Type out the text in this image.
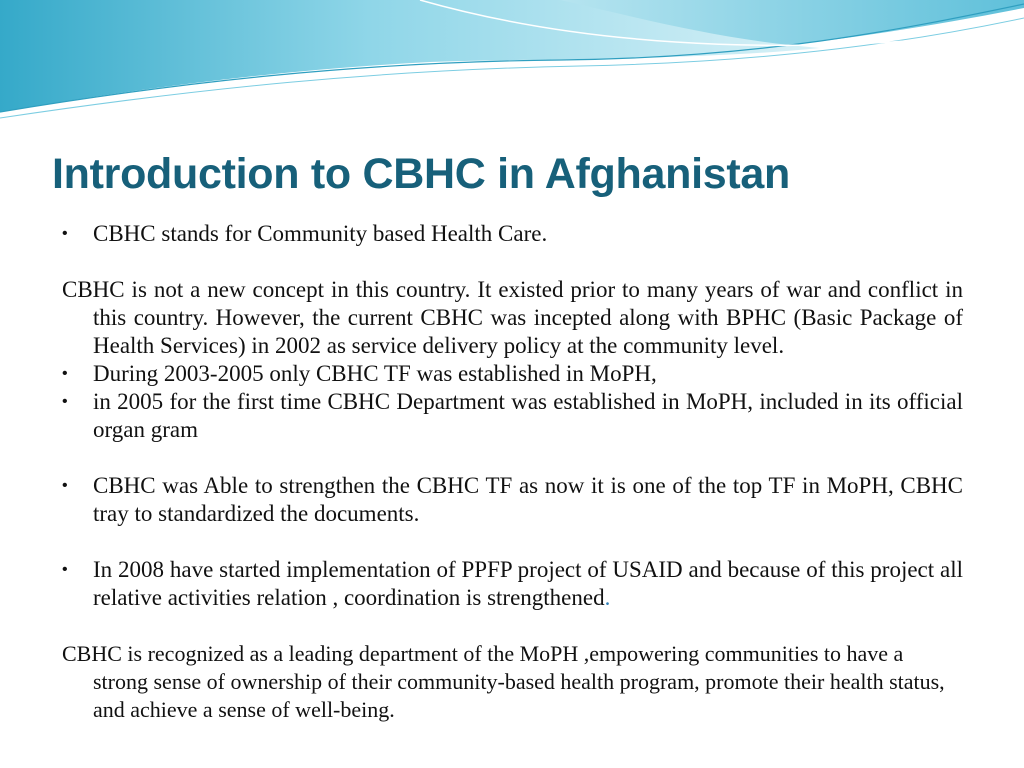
Introduction to CBHC in Afghanistan

• CBHC stands for Community based Health Care.

CBHC is not a new concept in this country. It existed prior to many years of war and conflict in this country. However, the current CBHC was incepted along with BPHC (Basic Package of Health Services) in 2002 as service delivery policy at the community level.

• During 2003-2005 only CBHC TF was established in MoPH,

• in 2005 for the first time CBHC Department was established in MoPH, included in its official organ gram

• CBHC was Able to strengthen the CBHC TF as now it is one of the top TF in MoPH, CBHC tray to standardized the documents.

• In 2008 have started implementation of PPFP project of USAID and because of this project all relative activities relation , coordination is strengthened.

CBHC is recognized as a leading department of the MoPH ,empowering communities to have a strong sense of ownership of their community-based health program, promote their health status, and achieve a sense of well-being.
